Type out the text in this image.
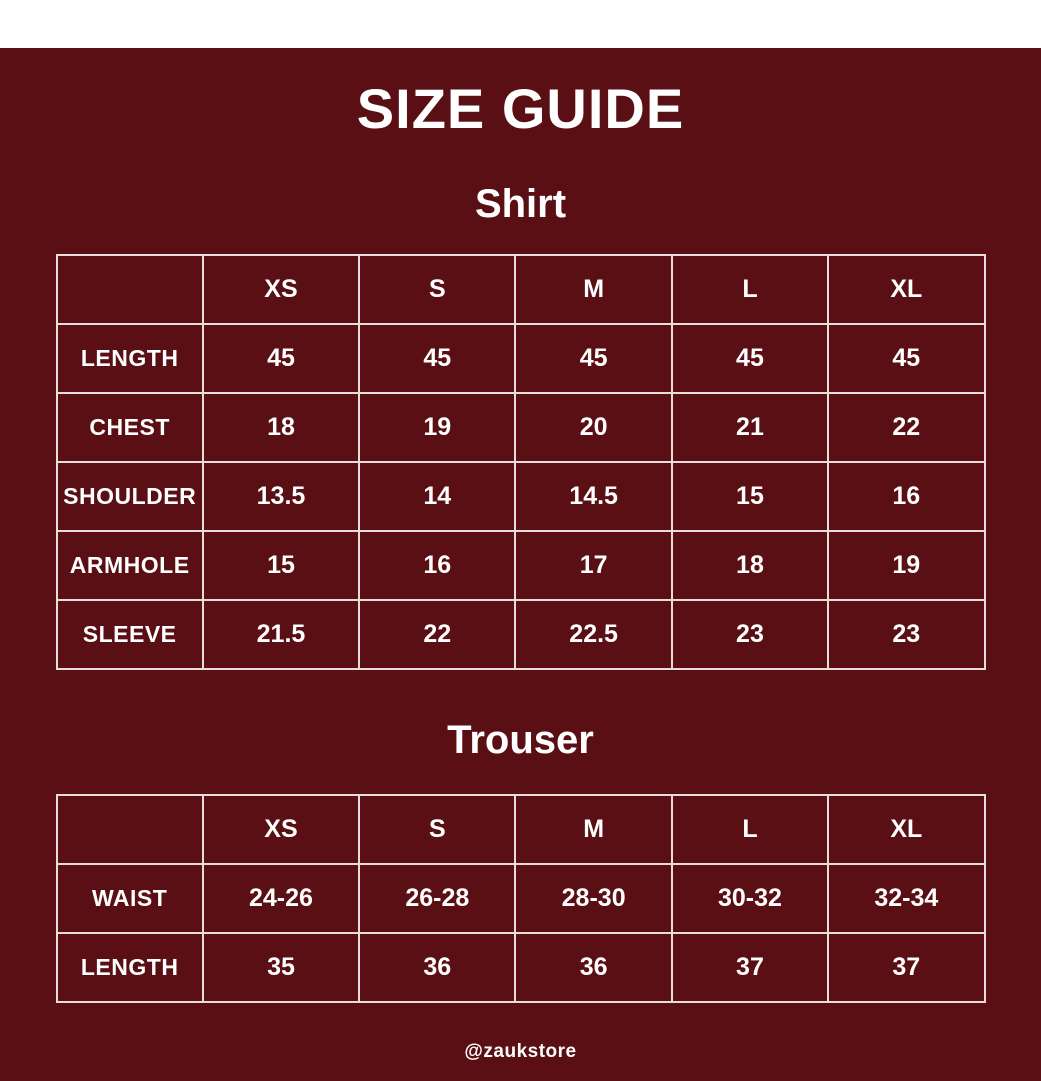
SIZE GUIDE
Shirt
	XS	S	M	L	XL
LENGTH	45	45	45	45	45
CHEST	18	19	20	21	22
SHOULDER	13.5	14	14.5	15	16
ARMHOLE	15	16	17	18	19
SLEEVE	21.5	22	22.5	23	23
Trouser
	XS	S	M	L	XL
WAIST	24-26	26-28	28-30	30-32	32-34
LENGTH	35	36	36	37	37
@zaukstore
